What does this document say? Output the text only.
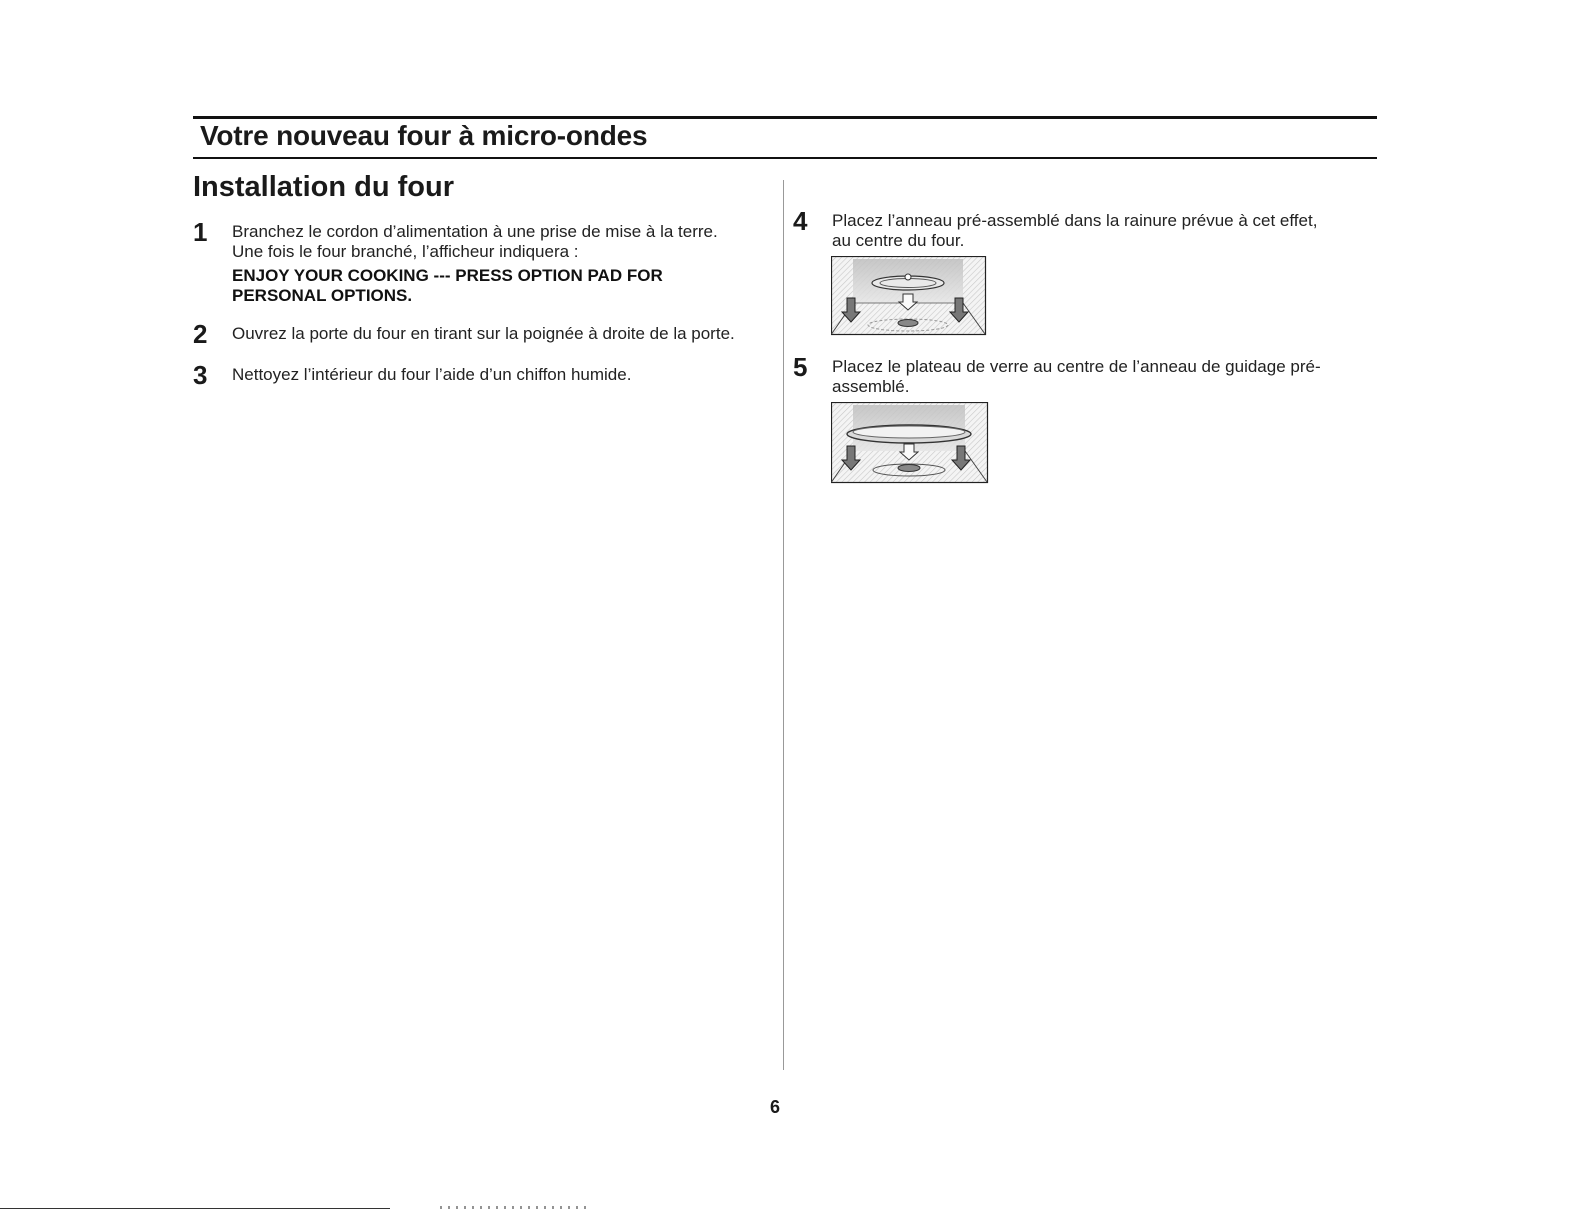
Votre nouveau four à micro-ondes
Installation du four
1	Branchez le cordon d’alimentation à une prise de mise à la terre.

Une fois le four branché, l’afficheur indiquera :

ENJOY YOUR COOKING --- PRESS OPTION PAD FOR PERSONAL OPTIONS.

2	Ouvrez la porte du four en tirant sur la poignée à droite de la porte.

3	Nettoyez l’intérieur du four l’aide d’un chiffon humide.

4	Placez l’anneau pré-assemblé dans la rainure prévue à cet effet,

au centre du four.

5	Placez le plateau de verre au centre de l’anneau de guidage pré-

assemblé.

6
